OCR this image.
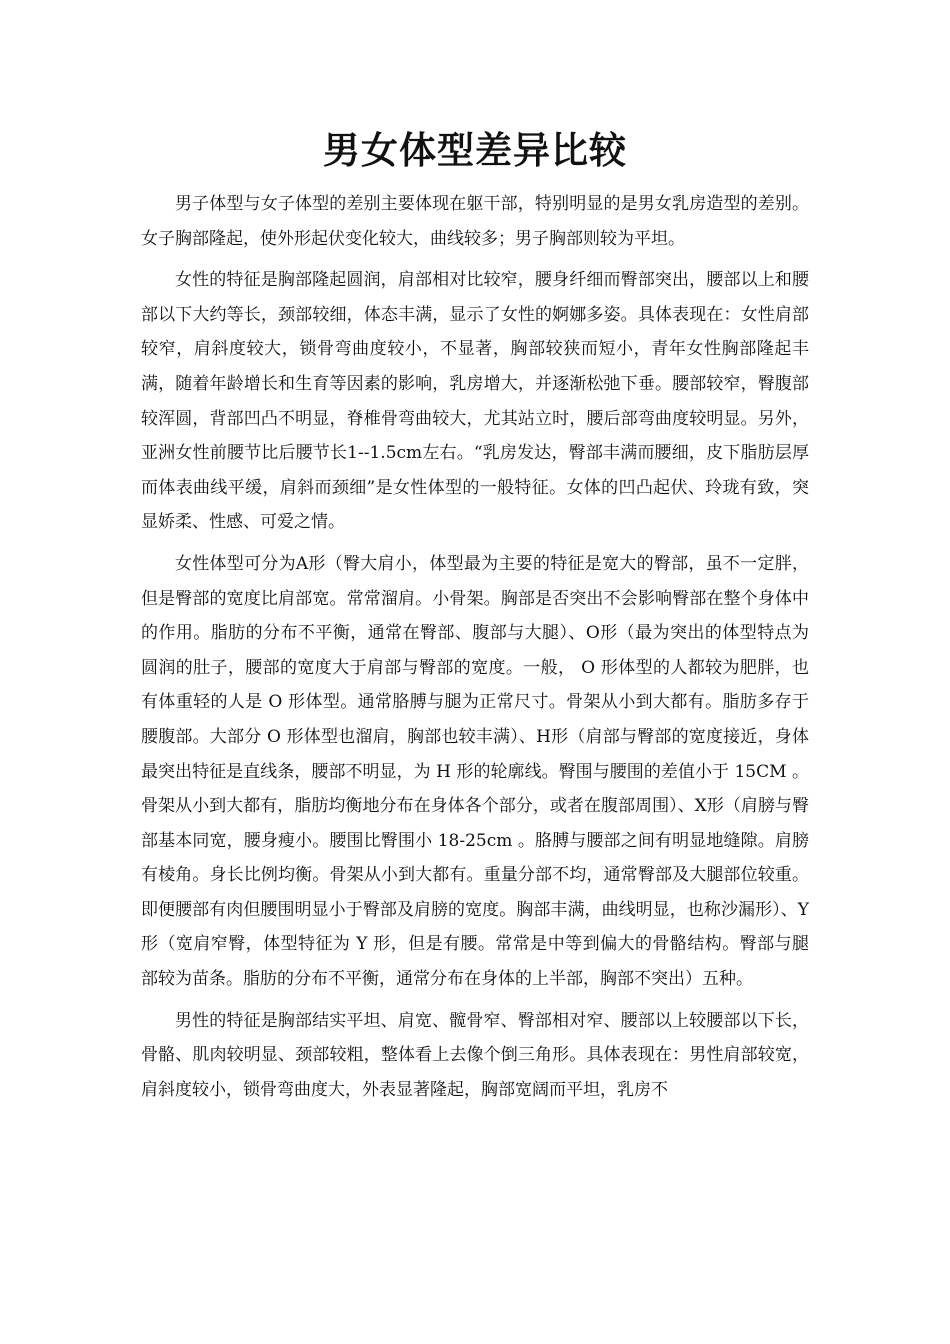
男女体型差异比较

男子体型与女子体型的差别主要体现在躯干部，特别明显的是男女乳房造型的差别。女子胸部隆起，使外形起伏变化较大，曲线较多；男子胸部则较为平坦。

女性的特征是胸部隆起圆润，肩部相对比较窄，腰身纤细而臀部突出，腰部以上和腰部以下大约等长，颈部较细，体态丰满，显示了女性的婀娜多姿。具体表现在：女性肩部较窄，肩斜度较大，锁骨弯曲度较小，不显著，胸部较狭而短小，青年女性胸部隆起丰满，随着年龄增长和生育等因素的影响，乳房增大，并逐渐松弛下垂。腰部较窄，臀腹部较浑圆，背部凹凸不明显，脊椎骨弯曲较大，尤其站立时，腰后部弯曲度较明显。另外，亚洲女性前腰节比后腰节长1--1.5cm左右。“乳房发达，臀部丰满而腰细，皮下脂肪层厚而体表曲线平缓，肩斜而颈细”是女性体型的一般特征。女体的凹凸起伏、玲珑有致，突显娇柔、性感、可爱之情。

女性体型可分为A形（臀大肩小，体型最为主要的特征是宽大的臀部，虽不一定胖，但是臀部的宽度比肩部宽。常常溜肩。小骨架。胸部是否突出不会影响臀部在整个身体中的作用。脂肪的分布不平衡，通常在臀部、腹部与大腿）、O形（最为突出的体型特点为圆润的肚子，腰部的宽度大于肩部与臀部的宽度。一般， O 形体型的人都较为肥胖，也有体重轻的人是 O 形体型。通常胳膊与腿为正常尺寸。骨架从小到大都有。脂肪多存于腰腹部。大部分 O 形体型也溜肩，胸部也较丰满）、H形（肩部与臀部的宽度接近，身体最突出特征是直线条，腰部不明显，为 H 形的轮廓线。臀围与腰围的差值小于 15CM 。骨架从小到大都有，脂肪均衡地分布在身体各个部分，或者在腹部周围）、X形（肩膀与臀部基本同宽，腰身瘦小。腰围比臀围小 18-25cm 。胳膊与腰部之间有明显地缝隙。肩膀有棱角。身长比例均衡。骨架从小到大都有。重量分部不均，通常臀部及大腿部位较重。即便腰部有肉但腰围明显小于臀部及肩膀的宽度。胸部丰满，曲线明显，也称沙漏形）、Y形（宽肩窄臀，体型特征为 Y 形，但是有腰。常常是中等到偏大的骨骼结构。臀部与腿部较为苗条。脂肪的分布不平衡，通常分布在身体的上半部，胸部不突出）五种。

男性的特征是胸部结实平坦、肩宽、髋骨窄、臀部相对窄、腰部以上较腰部以下长，骨骼、肌肉较明显、颈部较粗，整体看上去像个倒三角形。具体表现在：男性肩部较宽，肩斜度较小，锁骨弯曲度大，外表显著隆起，胸部宽阔而平坦，乳房不
